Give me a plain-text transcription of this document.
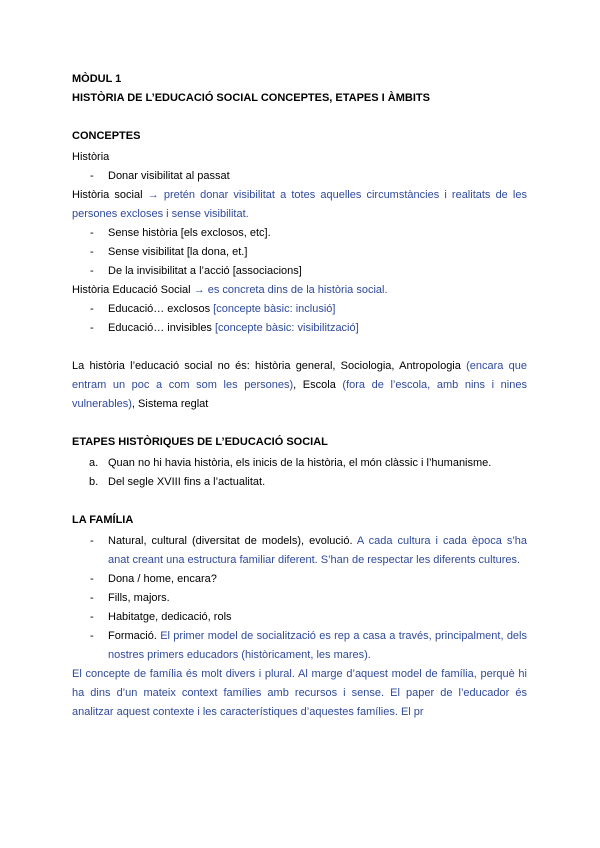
MÒDUL 1

HISTÒRIA DE L’EDUCACIÓ SOCIAL CONCEPTES, ETAPES I ÀMBITS

CONCEPTES

Història

- Donar visibilitat al passat

Història social → pretén donar visibilitat a totes aquelles circumstàncies i realitats de les persones excloses i sense visibilitat.

- Sense història [els exclosos, etc].
- Sense visibilitat [la dona, et.]
- De la invisibilitat a l’acció [associacions]

Història Educació Social → es concreta dins de la història social.

- Educació… exclosos [concepte bàsic: inclusió]
- Educació… invisibles [concepte bàsic: visibilització]

La història l’educació social no és: història general, Sociologia, Antropologia (encara que entram un poc a com som les persones), Escola (fora de l’escola, amb nins i nines vulnerables), Sistema reglat

ETAPES HISTÒRIQUES DE L’EDUCACIÓ SOCIAL

a. Quan no hi havia història, els inicis de la història, el món clàssic i l’humanisme.
b. Del segle XVIII fins a l’actualitat.

LA FAMÍLIA

- Natural, cultural (diversitat de models), evolució. A cada cultura i cada època s’ha anat creant una estructura familiar diferent. S’han de respectar les diferents cultures.
- Dona / home, encara?
- Fills, majors.
- Habitatge, dedicació, rols
- Formació. El primer model de socialització es rep a casa a través, principalment, dels nostres primers educadors (històricament, les mares).

El concepte de família és molt divers i plural. Al marge d’aquest model de família, perquè hi ha dins d’un mateix context famílies amb recursos i sense. El paper de l’educador és analitzar aquest contexte i les característiques d’aquestes famílies. El pr
